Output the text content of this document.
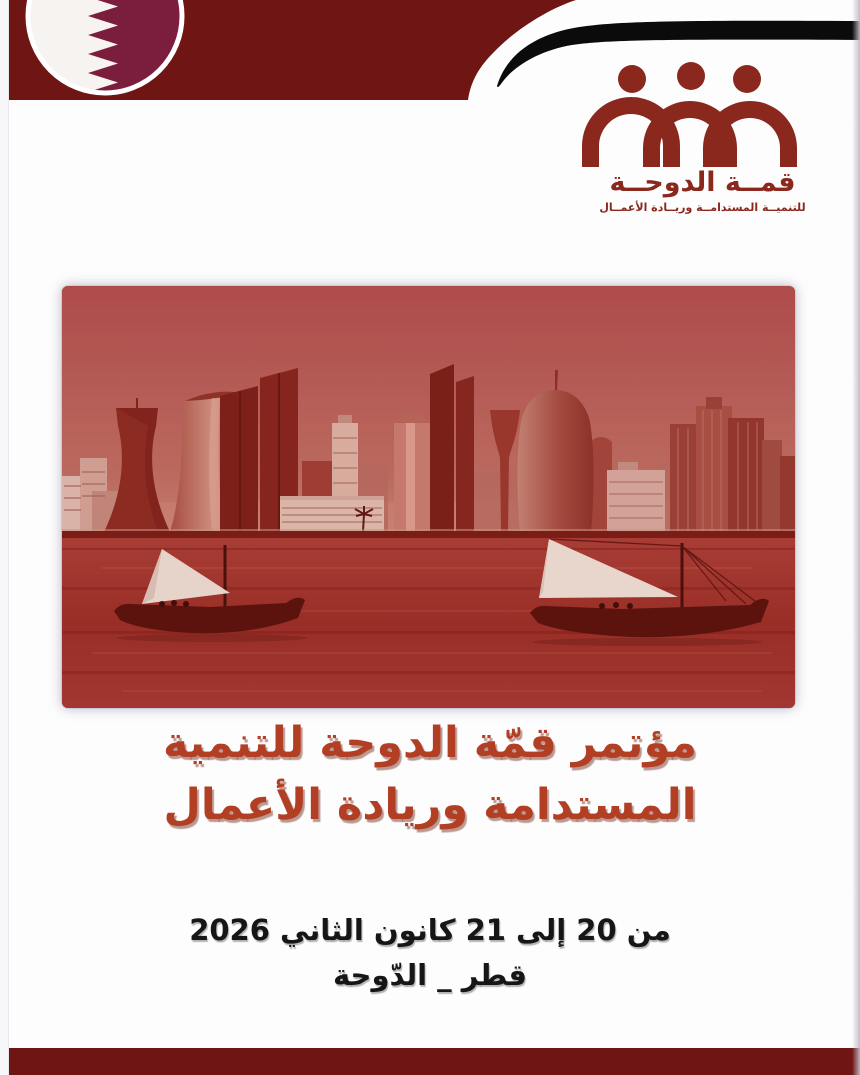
قمــة الدوحــة
للتنميــة المستدامــة وريــادة الأعمــال
مؤتمر قمّة الدوحة للتنمية
المستدامة وريادة الأعمال
من 20 إلى 21 كانون الثاني 2026
قطر _ الدّوحة
